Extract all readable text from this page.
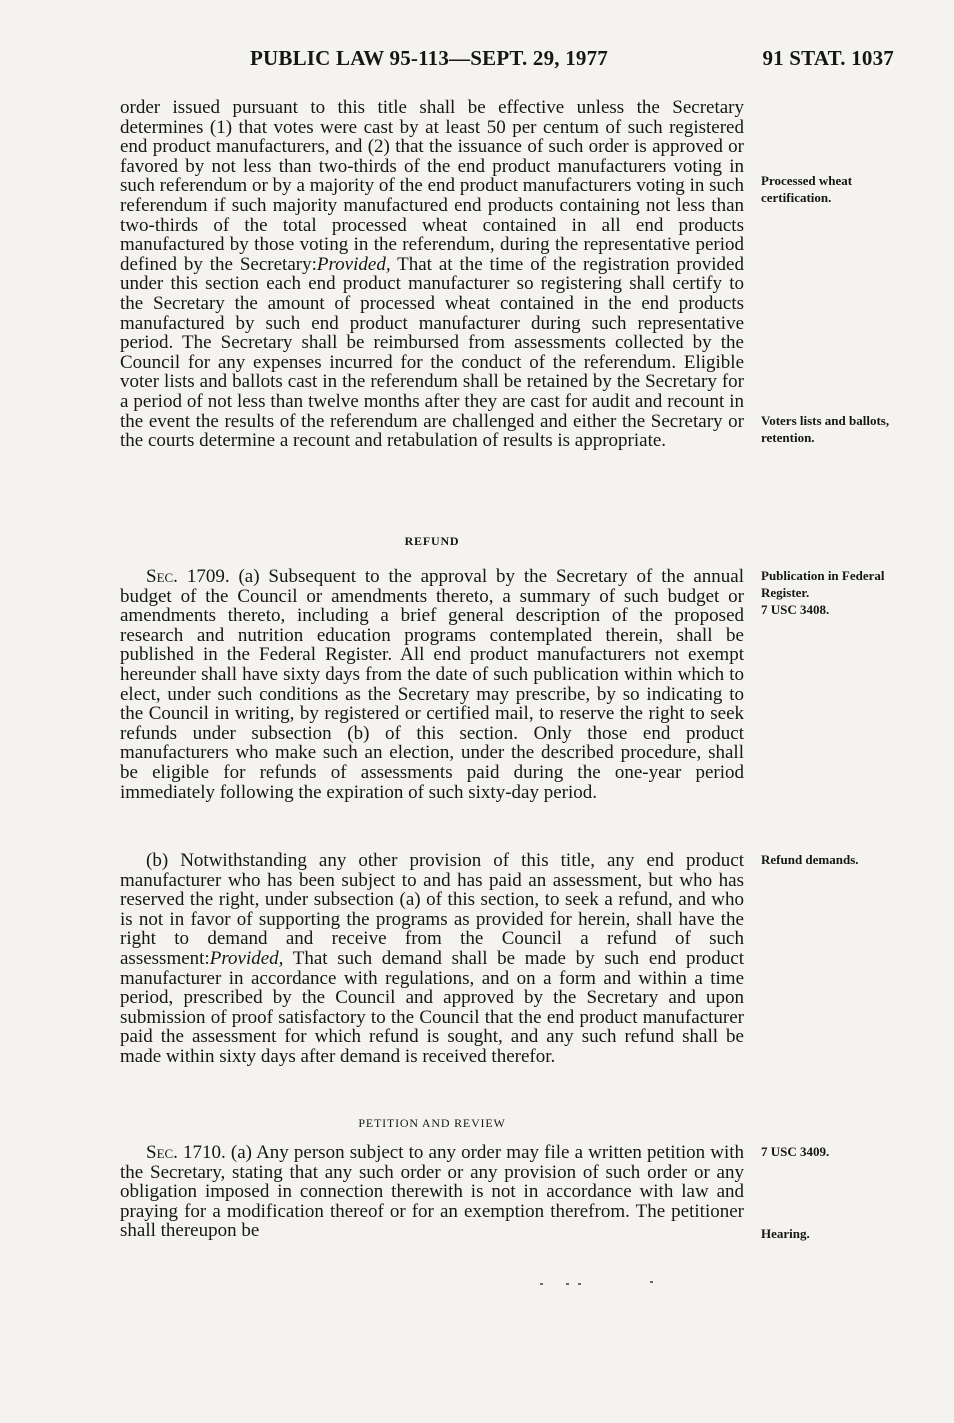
PUBLIC LAW 95-113—SEPT. 29, 1977	91 STAT. 1037

order issued pursuant to this title shall be effective unless the Secretary determines (1) that votes were cast by at least 50 per centum of such registered end product manufacturers, and (2) that the issuance of such order is approved or favored by not less than two-thirds of the end product manufacturers voting in such referendum or by a majority of the end product manufacturers voting in such referendum if such majority manufactured end products containing not less than two-thirds of the total processed wheat contained in all end products manufactured by those voting in the referendum, during the representative period defined by the Secretary:Provided, That at the time of the registration provided under this section each end product manufacturer so registering shall certify to the Secretary the amount of processed wheat contained in the end products manufactured by such end product manufacturer during such representative period. The Secretary shall be reimbursed from assessments collected by the Council for any expenses incurred for the conduct of the referendum. Eligible voter lists and ballots cast in the referendum shall be retained by the Secretary for a period of not less than twelve months after they are cast for audit and recount in the event the results of the referendum are challenged and either the Secretary or the courts determine a recount and retabulation of results is appropriate.

REFUND

Sec. 1709. (a) Subsequent to the approval by the Secretary of the annual budget of the Council or amendments thereto, a summary of such budget or amendments thereto, including a brief general description of the proposed research and nutrition education programs contemplated therein, shall be published in the Federal Register. All end product manufacturers not exempt hereunder shall have sixty days from the date of such publication within which to elect, under such conditions as the Secretary may prescribe, by so indicating to the Council in writing, by registered or certified mail, to reserve the right to seek refunds under subsection (b) of this section. Only those end product manufacturers who make such an election, under the described procedure, shall be eligible for refunds of assessments paid during the one-year period immediately following the expiration of such sixty-day period.

(b) Notwithstanding any other provision of this title, any end product manufacturer who has been subject to and has paid an assessment, but who has reserved the right, under subsection (a) of this section, to seek a refund, and who is not in favor of supporting the programs as provided for herein, shall have the right to demand and receive from the Council a refund of such assessment:Provided, That such demand shall be made by such end product manufacturer in accordance with regulations, and on a form and within a time period, prescribed by the Council and approved by the Secretary and upon submission of proof satisfactory to the Council that the end product manufacturer paid the assessment for which refund is sought, and any such refund shall be made within sixty days after demand is received therefor.

PETITION AND REVIEW

Sec. 1710. (a) Any person subject to any order may file a written petition with the Secretary, stating that any such order or any provision of such order or any obligation imposed in connection therewith is not in accordance with law and praying for a modification thereof or for an exemption therefrom. The petitioner shall thereupon be

Processed wheat certification.
Voters lists and ballots, retention.
Publication in Federal Register.
7 USC 3408.
Refund demands.
7 USC 3409.
Hearing.
